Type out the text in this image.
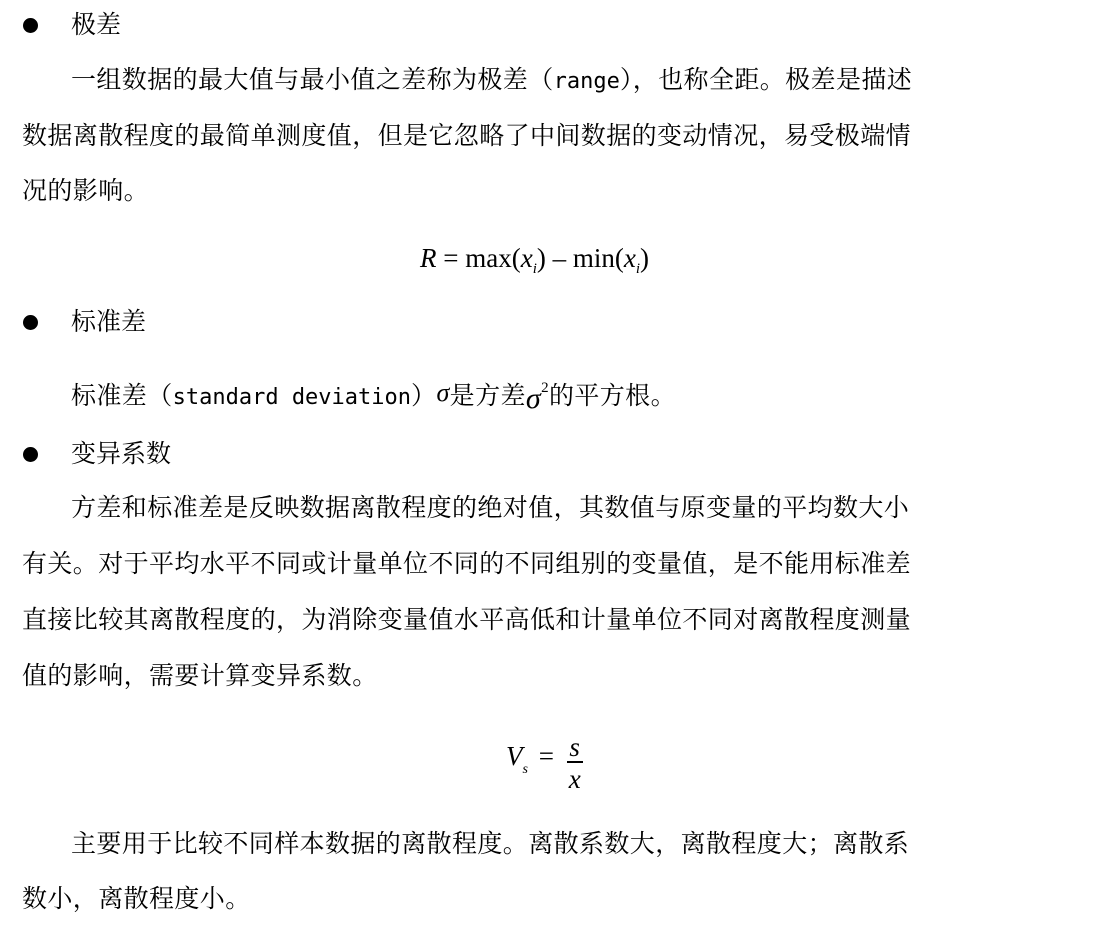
极差
一组数据的最大值与最小值之差称为极差（range），也称全距。极差是描述
数据离散程度的最简单测度值，但是它忽略了中间数据的变动情况，易受极端情
况的影响。
$R = \max(x_i) - \min(x_i)$
标准差
标准差（standard deviation）σ是方差$\sigma^2$的平方根。
变异系数
方差和标准差是反映数据离散程度的绝对值，其数值与原变量的平均数大小
有关。对于平均水平不同或计量单位不同的不同组别的变量值，是不能用标准差
直接比较其离散程度的，为消除变量值水平高低和计量单位不同对离散程度测量
值的影响，需要计算变异系数。
$V_s = \frac{s}{x}$
主要用于比较不同样本数据的离散程度。离散系数大，离散程度大；离散系
数小，离散程度小。
